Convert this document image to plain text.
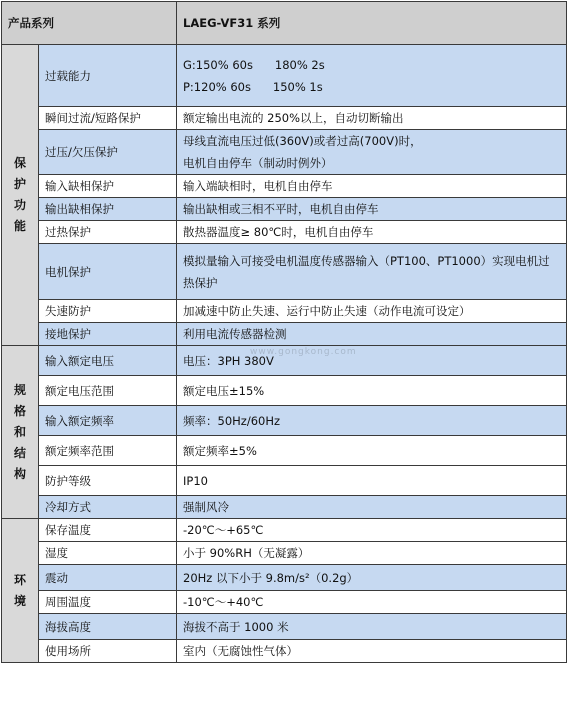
产品系列		LAEG-VF31 系列

保
护
功
能	过载能力	G:150% 60s      180% 2s
P:120% 60s      150% 1s

	瞬间过流/短路保护	额定输出电流的 250%以上，自动切断输出

	过压/欠压保护	母线直流电压过低(360V)或者过高(700V)时，
电机自由停车（制动时例外）

	输入缺相保护	输入端缺相时，电机自由停车

	输出缺相保护	输出缺相或三相不平时，电机自由停车

	过热保护	散热器温度≥ 80℃时，电机自由停车

	电机保护	模拟量输入可接受电机温度传感器输入（PT100、PT1000）实现电机过热保护

	失速防护	加减速中防止失速、运行中防止失速（动作电流可设定）

	接地保护	利用电流传感器检测

规
格
和
结
构	输入额定电压	电压：3PH 380V

	额定电压范围	额定电压±15%

	输入额定频率	频率：50Hz/60Hz

	额定频率范围	额定频率±5%

	防护等级	IP10

	冷却方式	强制风冷

环
境	保存温度	-20℃～+65℃

	湿度	小于 90%RH（无凝露）

	震动	20Hz 以下小于 9.8m/s²（0.2g）

	周围温度	-10℃～+40℃

	海拔高度	海拔不高于 1000 米

	使用场所	室内（无腐蚀性气体）
www.gongkong.com
